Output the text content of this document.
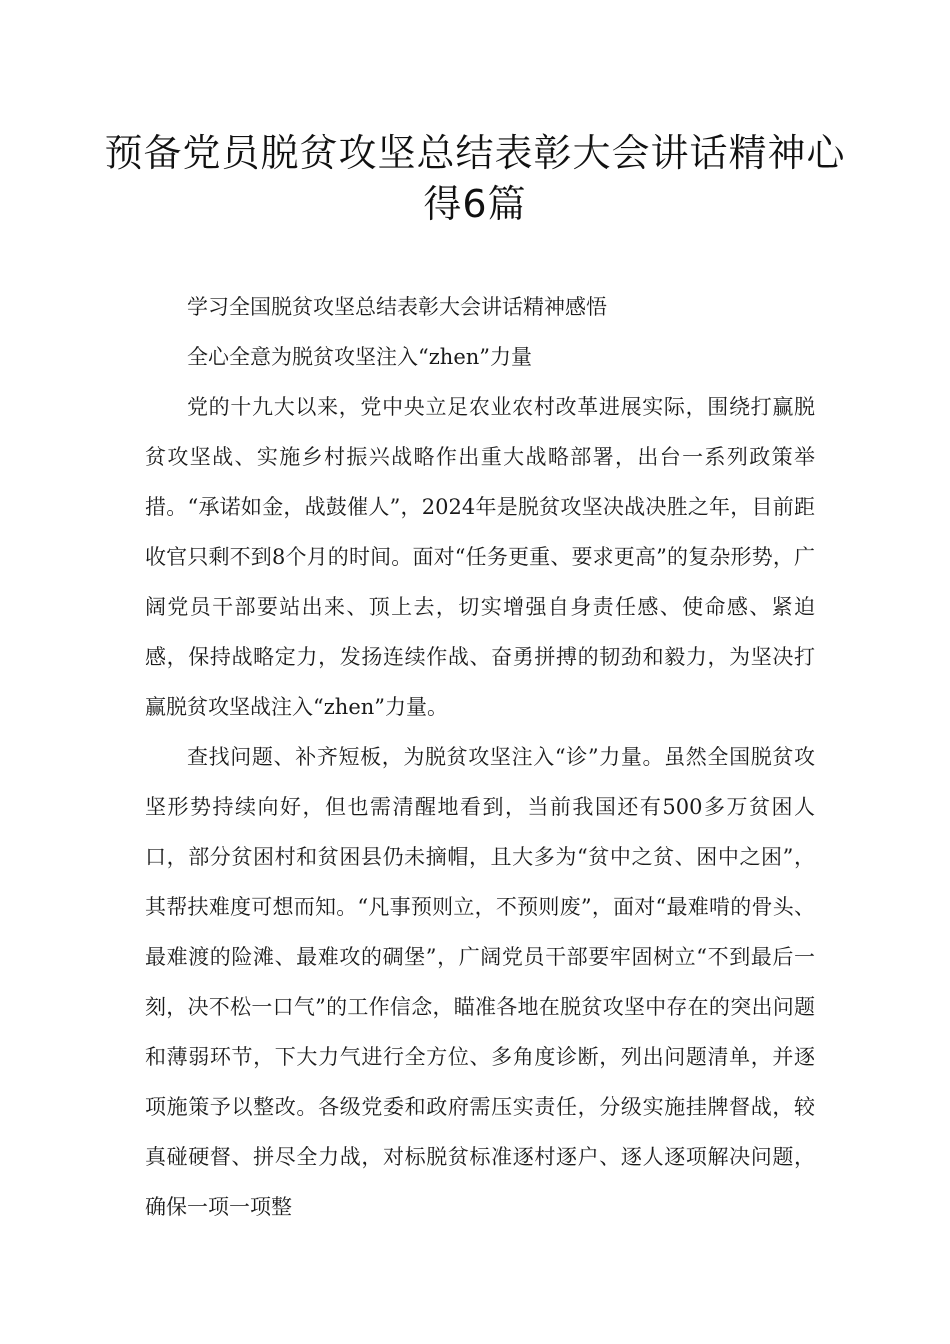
预备党员脱贫攻坚总结表彰大会讲话精神心得6篇

学习全国脱贫攻坚总结表彰大会讲话精神感悟

全心全意为脱贫攻坚注入“zhen”力量

党的十九大以来，党中央立足农业农村改革进展实际，围绕打赢脱贫攻坚战、实施乡村振兴战略作出重大战略部署，出台一系列政策举措。“承诺如金，战鼓催人”，2024年是脱贫攻坚决战决胜之年，目前距收官只剩不到8个月的时间。面对“任务更重、要求更高”的复杂形势，广阔党员干部要站出来、顶上去，切实增强自身责任感、使命感、紧迫感，保持战略定力，发扬连续作战、奋勇拼搏的韧劲和毅力，为坚决打赢脱贫攻坚战注入“zhen”力量。

查找问题、补齐短板，为脱贫攻坚注入“诊”力量。虽然全国脱贫攻坚形势持续向好，但也需清醒地看到，当前我国还有500多万贫困人口，部分贫困村和贫困县仍未摘帽，且大多为“贫中之贫、困中之困”，其帮扶难度可想而知。“凡事预则立，不预则废”，面对“最难啃的骨头、最难渡的险滩、最难攻的碉堡”，广阔党员干部要牢固树立“不到最后一刻，决不松一口气”的工作信念，瞄准各地在脱贫攻坚中存在的突出问题和薄弱环节，下大力气进行全方位、多角度诊断，列出问题清单，并逐项施策予以整改。各级党委和政府需压实责任，分级实施挂牌督战，较真碰硬督、拼尽全力战，对标脱贫标准逐村逐户、逐人逐项解决问题，确保一项一项整
